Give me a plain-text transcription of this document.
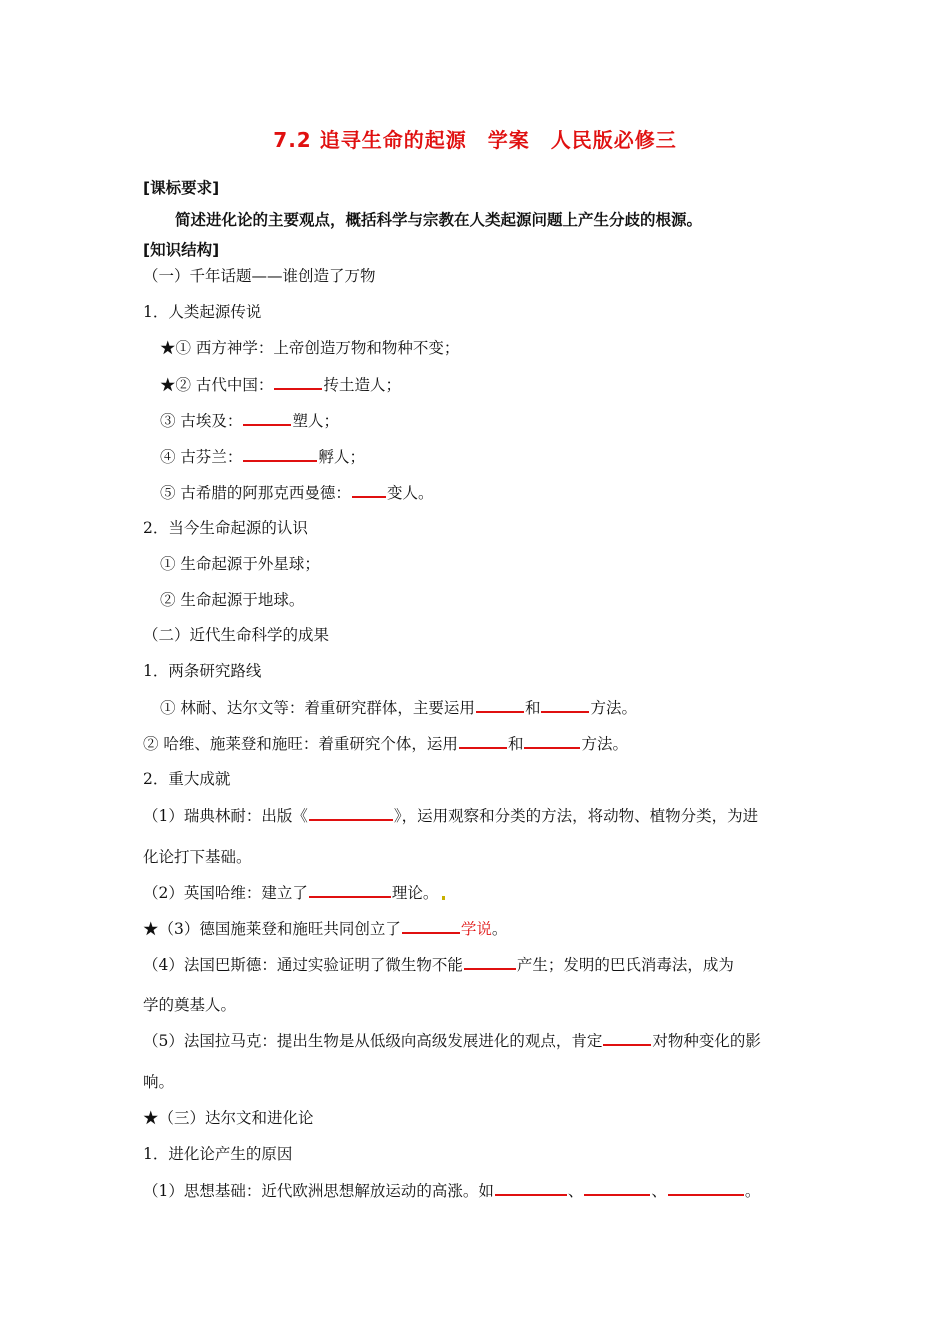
7.2 追寻生命的起源　学案　人民版必修三
[课标要求]
简述进化论的主要观点，概括科学与宗教在人类起源问题上产生分歧的根源。
[知识结构]
（一）千年话题——谁创造了万物
1．人类起源传说
★① 西方神学：上帝创造万物和物种不变；
★② 古代中国：	抟土造人；
③ 古埃及：	塑人；
④ 古芬兰：	孵人；
⑤ 古希腊的阿那克西曼德： 变人。
2．当今生命起源的认识
① 生命起源于外星球；
② 生命起源于地球。
（二）近代生命科学的成果
1．两条研究路线
① 林耐、达尔文等：着重研究群体，主要运用	和	方法。
② 哈维、施莱登和施旺：着重研究个体，运用	和	方法。
2．重大成就
（1）瑞典林耐：出版《	》，运用观察和分类的方法，将动物、植物分类，为进
化论打下基础。
（2）英国哈维：建立了	理论。
★（3）德国施莱登和施旺共同创立了	学说。
（4）法国巴斯德：通过实验证明了微生物不能	产生；发明的巴氏消毒法，成为
学的奠基人。
（5）法国拉马克：提出生物是从低级向高级发展进化的观点，肯定	对物种变化的影
响。
★（三）达尔文和进化论
1．进化论产生的原因
（1）思想基础：近代欧洲思想解放运动的高涨。如	、	、	。
